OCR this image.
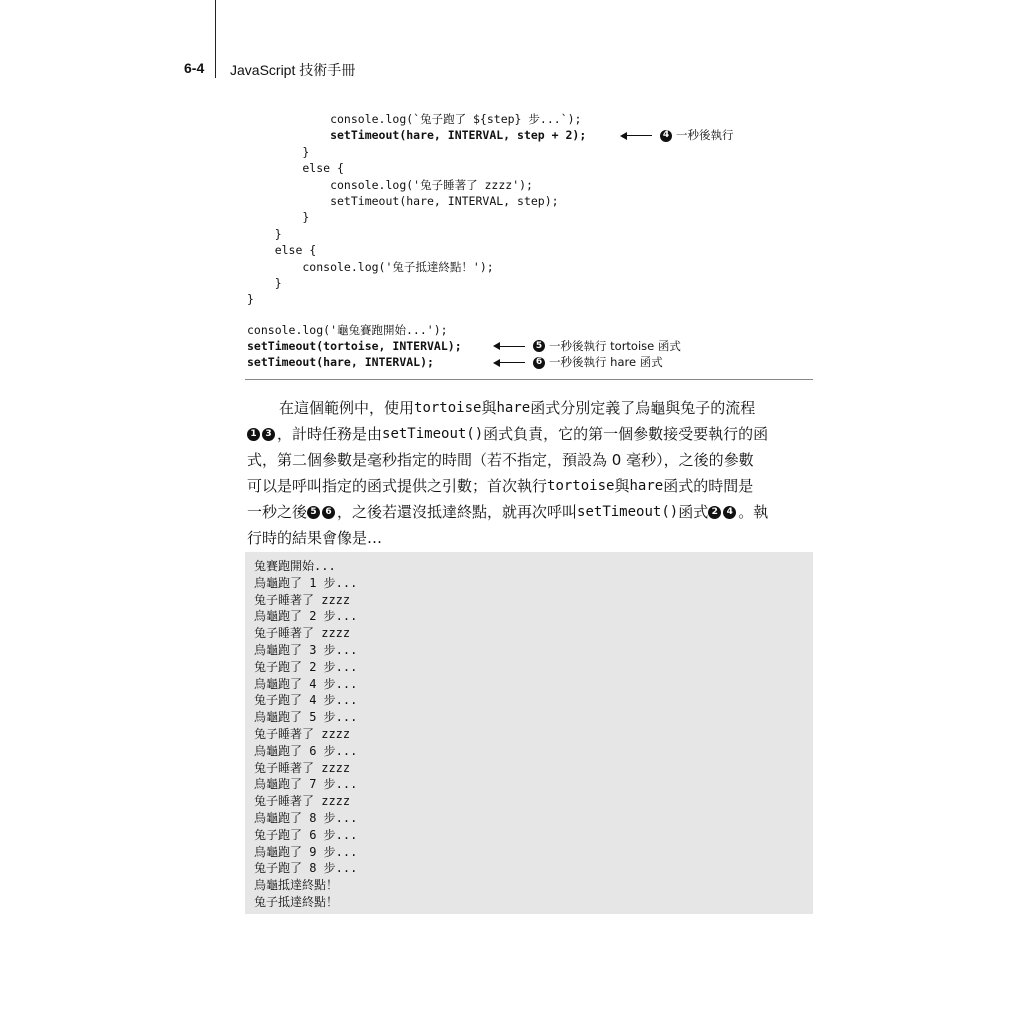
6-4 JavaScript 技術手冊
console.log(`兔子跑了 ${step} 步...`);
setTimeout(hare, INTERVAL, step + 2);	4 一秒後執行
}
else {
console.log('兔子睡著了 zzzz');
setTimeout(hare, INTERVAL, step);
}
}
else {
console.log('兔子抵達終點！');
}
}
console.log('龜兔賽跑開始...');
setTimeout(tortoise, INTERVAL);	5 一秒後執行 tortoise 函式
setTimeout(hare, INTERVAL);	6 一秒後執行 hare 函式
在這個範例中，使用 tortoise 與 hare 函式分別定義了烏龜與兔子的流程
1 3 ，計時任務是由 setTimeout() 函式負責，它的第一個參數接受要執行的函
式，第二個參數是毫秒指定的時間（若不指定，預設為 0 毫秒），之後的參數
可以是呼叫指定的函式提供之引數；首次執行 tortoise 與 hare 函式的時間是
一秒之後 5 6 ，之後若還沒抵達終點，就再次呼叫 setTimeout() 函式 2 4 。執
行時的結果會像是…
兔賽跑開始...
烏龜跑了 1 步...
兔子睡著了 zzzz
烏龜跑了 2 步...
兔子睡著了 zzzz
烏龜跑了 3 步...
兔子跑了 2 步...
烏龜跑了 4 步...
兔子跑了 4 步...
烏龜跑了 5 步...
兔子睡著了 zzzz
烏龜跑了 6 步...
兔子睡著了 zzzz
烏龜跑了 7 步...
兔子睡著了 zzzz
烏龜跑了 8 步...
兔子跑了 6 步...
烏龜跑了 9 步...
兔子跑了 8 步...
烏龜抵達終點！
兔子抵達終點！
